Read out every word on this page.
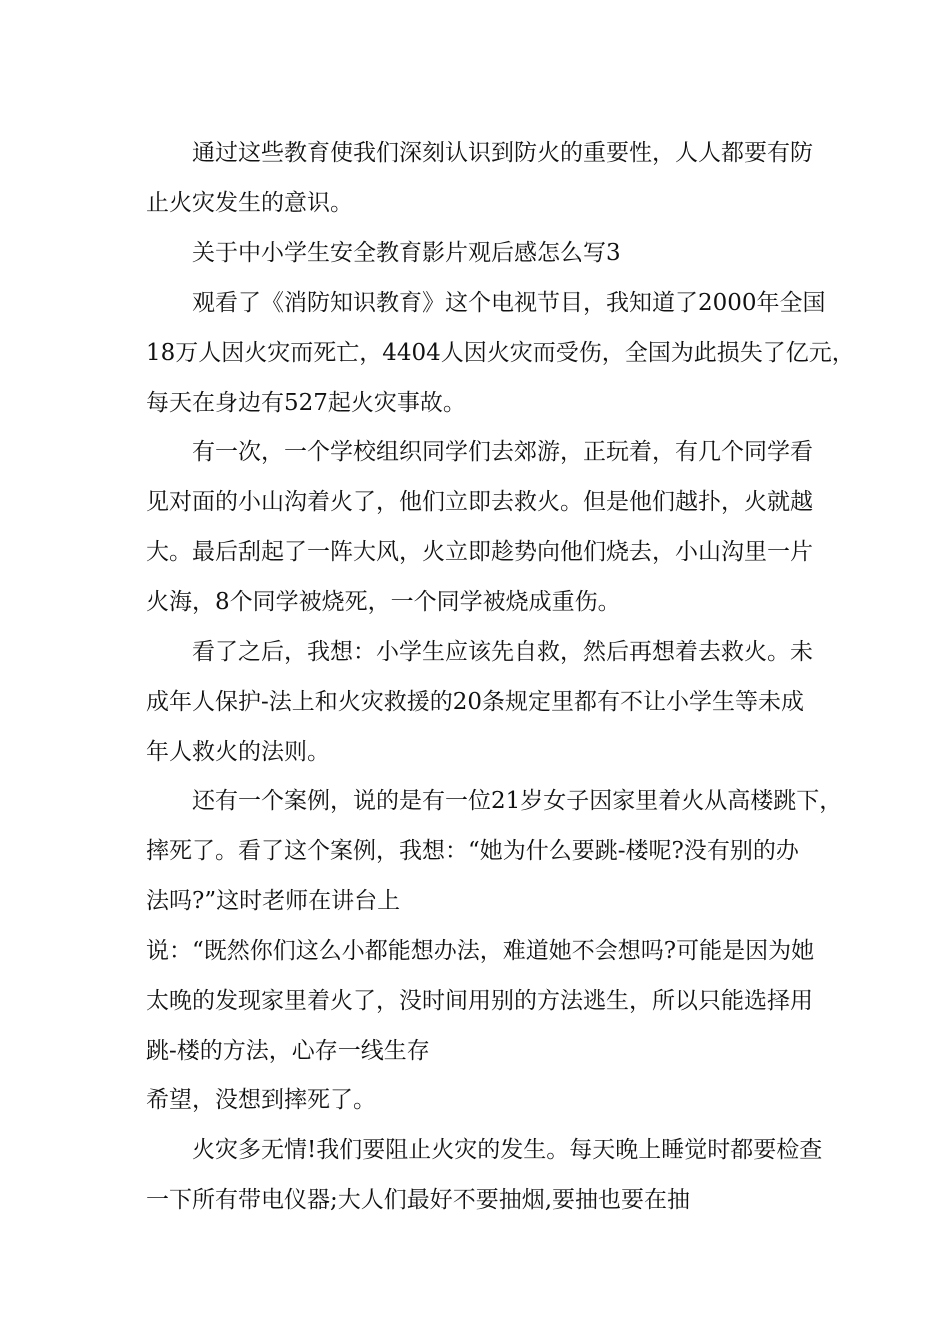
通过这些教育使我们深刻认识到防火的重要性，人人都要有防
止火灾发生的意识。
关于中小学生安全教育影片观后感怎么写3
观看了《消防知识教育》这个电视节目，我知道了2000年全国
18万人因火灾而死亡，4404人因火灾而受伤，全国为此损失了亿元，
每天在身边有527起火灾事故。
有一次，一个学校组织同学们去郊游，正玩着，有几个同学看
见对面的小山沟着火了，他们立即去救火。但是他们越扑，火就越
大。最后刮起了一阵大风，火立即趁势向他们烧去，小山沟里一片
火海，8个同学被烧死，一个同学被烧成重伤。
看了之后，我想：小学生应该先自救，然后再想着去救火。未
成年人保护-法上和火灾救援的20条规定里都有不让小学生等未成
年人救火的法则。
还有一个案例，说的是有一位21岁女子因家里着火从高楼跳下，
摔死了。看了这个案例，我想：“她为什么要跳-楼呢?没有别的办
法吗?”这时老师在讲台上
说：“既然你们这么小都能想办法，难道她不会想吗?可能是因为她
太晚的发现家里着火了，没时间用别的方法逃生，所以只能选择用
跳-楼的方法，心存一线生存
希望，没想到摔死了。
火灾多无情!我们要阻止火灾的发生。每天晚上睡觉时都要检查
一下所有带电仪器;大人们最好不要抽烟,要抽也要在抽
